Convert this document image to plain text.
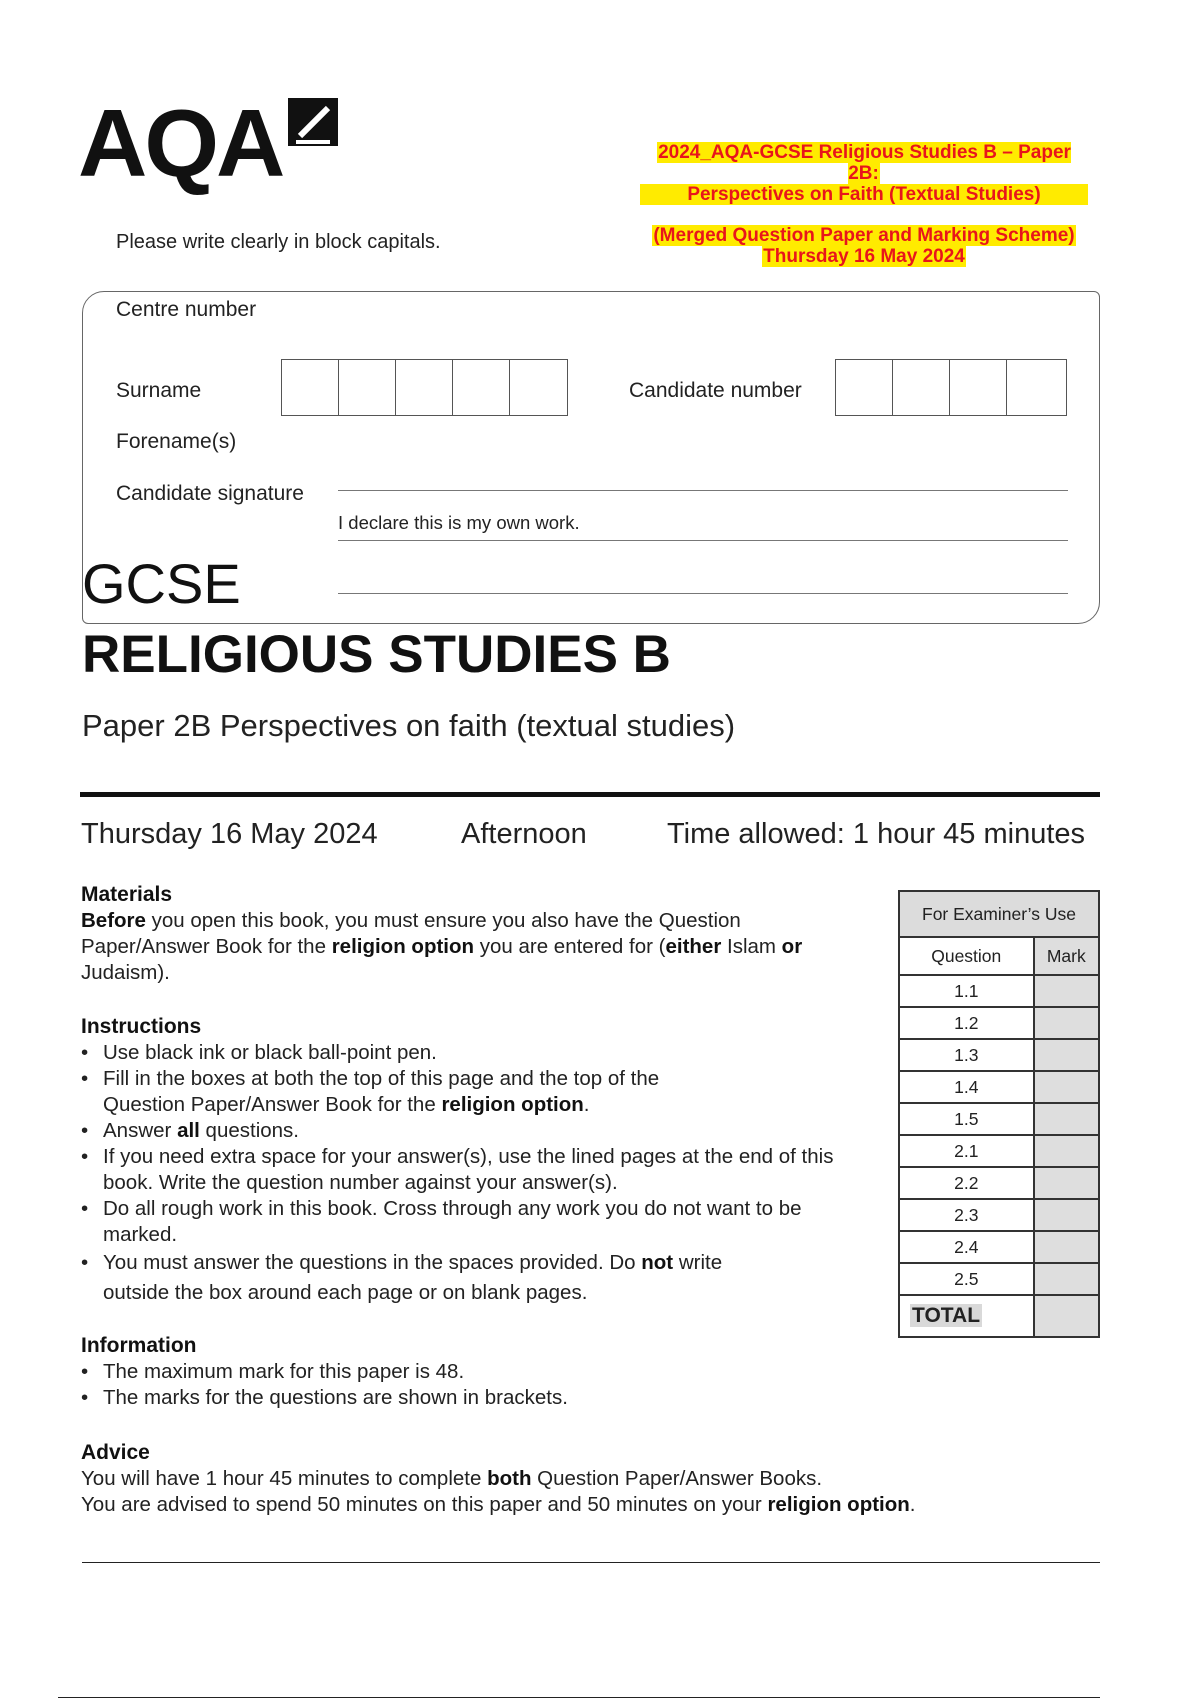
AQA	2024_AQA-GCSE Religious Studies B – Paper 2B:

Perspectives on Faith (Textual Studies)
(Merged Question Paper and Marking Scheme)
Thursday 16 May 2024
Please write clearly in block capitals.
Centre number
Candidate number
Surname
Forename(s)
Candidate signature
I declare this is my own work.
GCSE
RELIGIOUS STUDIES B
Paper 2B Perspectives on faith (textual studies)
Thursday 16 May 2024	Afternoon	Time allowed: 1 hour 45 minutes
Materials
Before you open this book, you must ensure you also have the Question Paper/Answer Book for the religion option you are entered for (either Islam or Judaism).
Instructions
• Use black ink or black ball-point pen.
• Fill in the boxes at both the top of this page and the top of the Question Paper/Answer Book for the religion option.
• Answer all questions.
• If you need extra space for your answer(s), use the lined pages at the end of this book. Write the question number against your answer(s).
• Do all rough work in this book. Cross through any work you do not want to be marked.
• You must answer the questions in the spaces provided. Do not write outside the box around each page or on blank pages.
Information
• The maximum mark for this paper is 48.
• The marks for the questions are shown in brackets.
Advice
You will have 1 hour 45 minutes to complete both Question Paper/Answer Books.
You are advised to spend 50 minutes on this paper and 50 minutes on your religion option.
For Examiner’s Use	
Question	Mark
1.1	
1.2	
1.3	
1.4	
1.5	
2.1	
2.2	
2.3	
2.4	
2.5	
TOTAL	
